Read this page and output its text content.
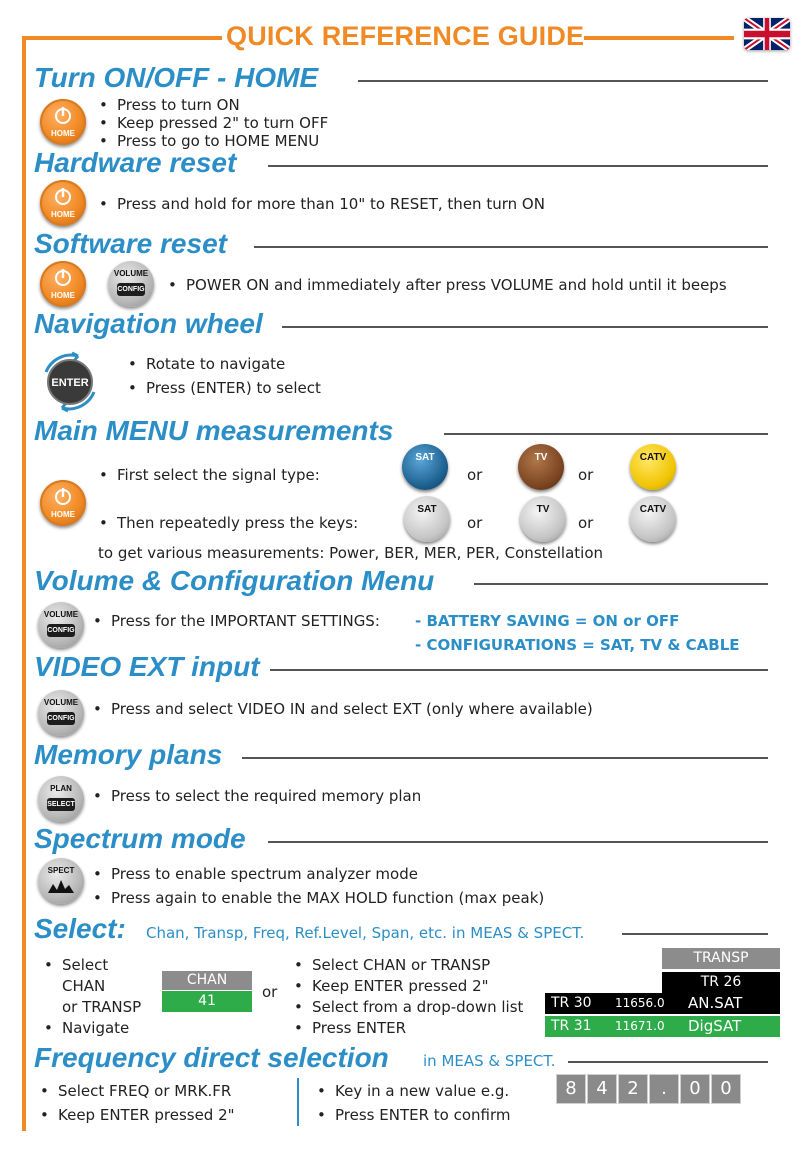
QUICK REFERENCE GUIDE
Turn ON/OFF - HOME
HOME
• Press to turn ON
• Keep pressed 2" to turn OFF
• Press to go to HOME MENU
Hardware reset
HOME
• Press and hold for more than 10" to RESET, then turn ON
Software reset
HOME
VOLUME
CONFIG	• POWER ON and immediately after press VOLUME and hold until it beeps
Navigation wheel
ENTER
• Rotate to navigate
• Press (ENTER) to select
Main MENU measurements
HOME
• First select the signal type:
SAT
or
TV
or
CATV
• Then repeatedly press the keys:
SAT
or
TV
or
CATV
to get various measurements: Power, BER, MER, PER, Constellation
Volume & Configuration Menu
VOLUME
CONFIG
• Press for the IMPORTANT SETTINGS: - BATTERY SAVING = ON or OFF
- CONFIGURATIONS = SAT, TV & CABLE
VIDEO EXT input
VOLUME
CONFIG
• Press and select VIDEO IN and select EXT (only where available)
Memory plans
PLAN
SELECT • Press to select the required memory plan
Spectrum mode
SPECT	• Press to enable spectrum analyzer mode
• Press again to enable the MAX HOLD function (max peak)
Select: Chan, Transp, Freq, Ref.Level, Span, etc. in MEAS & SPECT.
• Select
CHAN
or TRANSP
• Navigate
CHAN
41	or
• Select CHAN or TRANSP
• Keep ENTER pressed 2"
• Select from a drop-down list
• Press ENTER
TRANSP
TR 26
TR 30 11656.0 AN.SAT
TR 31 11671.0 DigSAT
Frequency direct selection in MEAS & SPECT.
• Select FREQ or MRK.FR
• Keep ENTER pressed 2"
• Key in a new value e.g.
• Press ENTER to confirm
8	4	2	.	0	0
